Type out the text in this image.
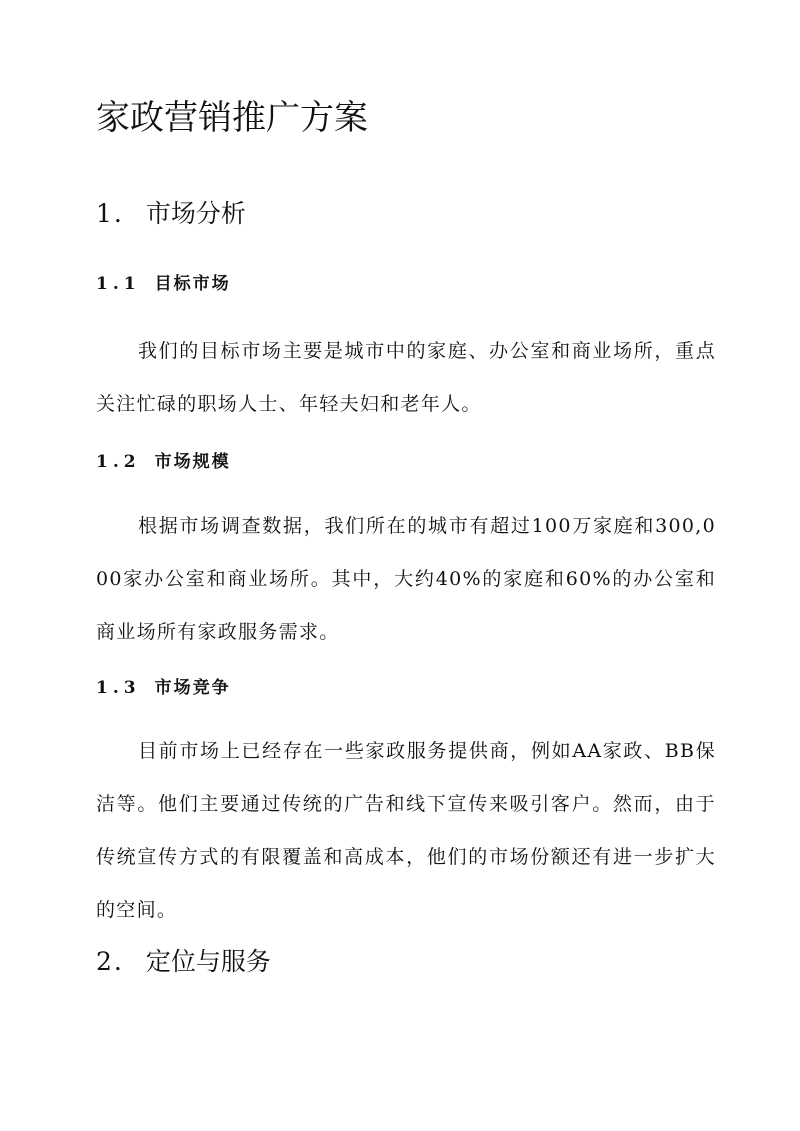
家政营销推广方案
1. 市场分析
1.1 目标市场

我们的目标市场主要是城市中的家庭、办公室和商业场所，重点关注忙碌的职场人士、年轻夫妇和老年人。

1.2 市场规模

根据市场调查数据，我们所在的城市有超过100万家庭和300,000家办公室和商业场所。其中，大约40%的家庭和60%的办公室和商业场所有家政服务需求。

1.3 市场竞争

目前市场上已经存在一些家政服务提供商，例如AA家政、BB保洁等。他们主要通过传统的广告和线下宣传来吸引客户。然而，由于传统宣传方式的有限覆盖和高成本，他们的市场份额还有进一步扩大的空间。

2. 定位与服务
